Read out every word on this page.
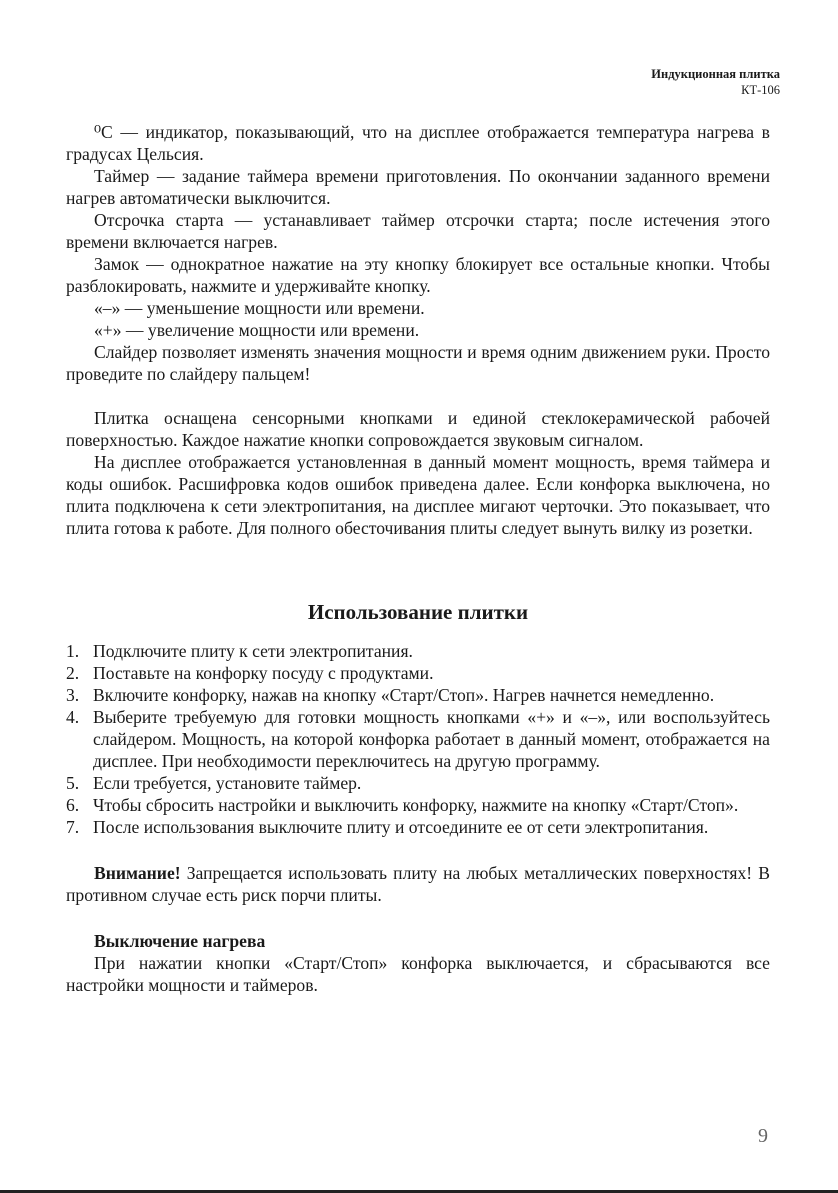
Индукционная плитка
КТ-106

⁰С — индикатор, показывающий, что на дисплее отображается температура нагрева в градусах Цельсия.

Таймер — задание таймера времени приготовления. По окончании заданного времени нагрев автоматически выключится.

Отсрочка старта — устанавливает таймер отсрочки старта; после истечения этого времени включается нагрев.

Замок — однократное нажатие на эту кнопку блокирует все остальные кнопки. Чтобы разблокировать, нажмите и удерживайте кнопку.

«–» — уменьшение мощности или времени.

«+» — увеличение мощности или времени.

Слайдер позволяет изменять значения мощности и время одним движением руки. Просто проведите по слайдеру пальцем!

Плитка оснащена сенсорными кнопками и единой стеклокерамической рабочей поверхностью. Каждое нажатие кнопки сопровождается звуковым сигналом.

На дисплее отображается установленная в данный момент мощность, время таймера и коды ошибок. Расшифровка кодов ошибок приведена далее. Если конфорка выключена, но плита подключена к сети электропитания, на дисплее мигают черточки. Это показывает, что плита готова к работе. Для полного обесточивания плиты следует вынуть вилку из розетки.

Использование плитки
1. Подключите плиту к сети электропитания.
2. Поставьте на конфорку посуду с продуктами.
3. Включите конфорку, нажав на кнопку «Старт/Стоп». Нагрев начнется немедленно.
4. Выберите требуемую для готовки мощность кнопками «+» и «–», или воспользуйтесь слайдером. Мощность, на которой конфорка работает в данный момент, отображается на дисплее. При необходимости переключитесь на другую программу.
5. Если требуется, установите таймер.
6. Чтобы сбросить настройки и выключить конфорку, нажмите на кнопку «Старт/Стоп».
7. После использования выключите плиту и отсоедините ее от сети электропитания.

Внимание! Запрещается использовать плиту на любых металлических поверхностях! В противном случае есть риск порчи плиты.

Выключение нагрева

При нажатии кнопки «Старт/Стоп» конфорка выключается, и сбрасываются все настройки мощности и таймеров.

9
